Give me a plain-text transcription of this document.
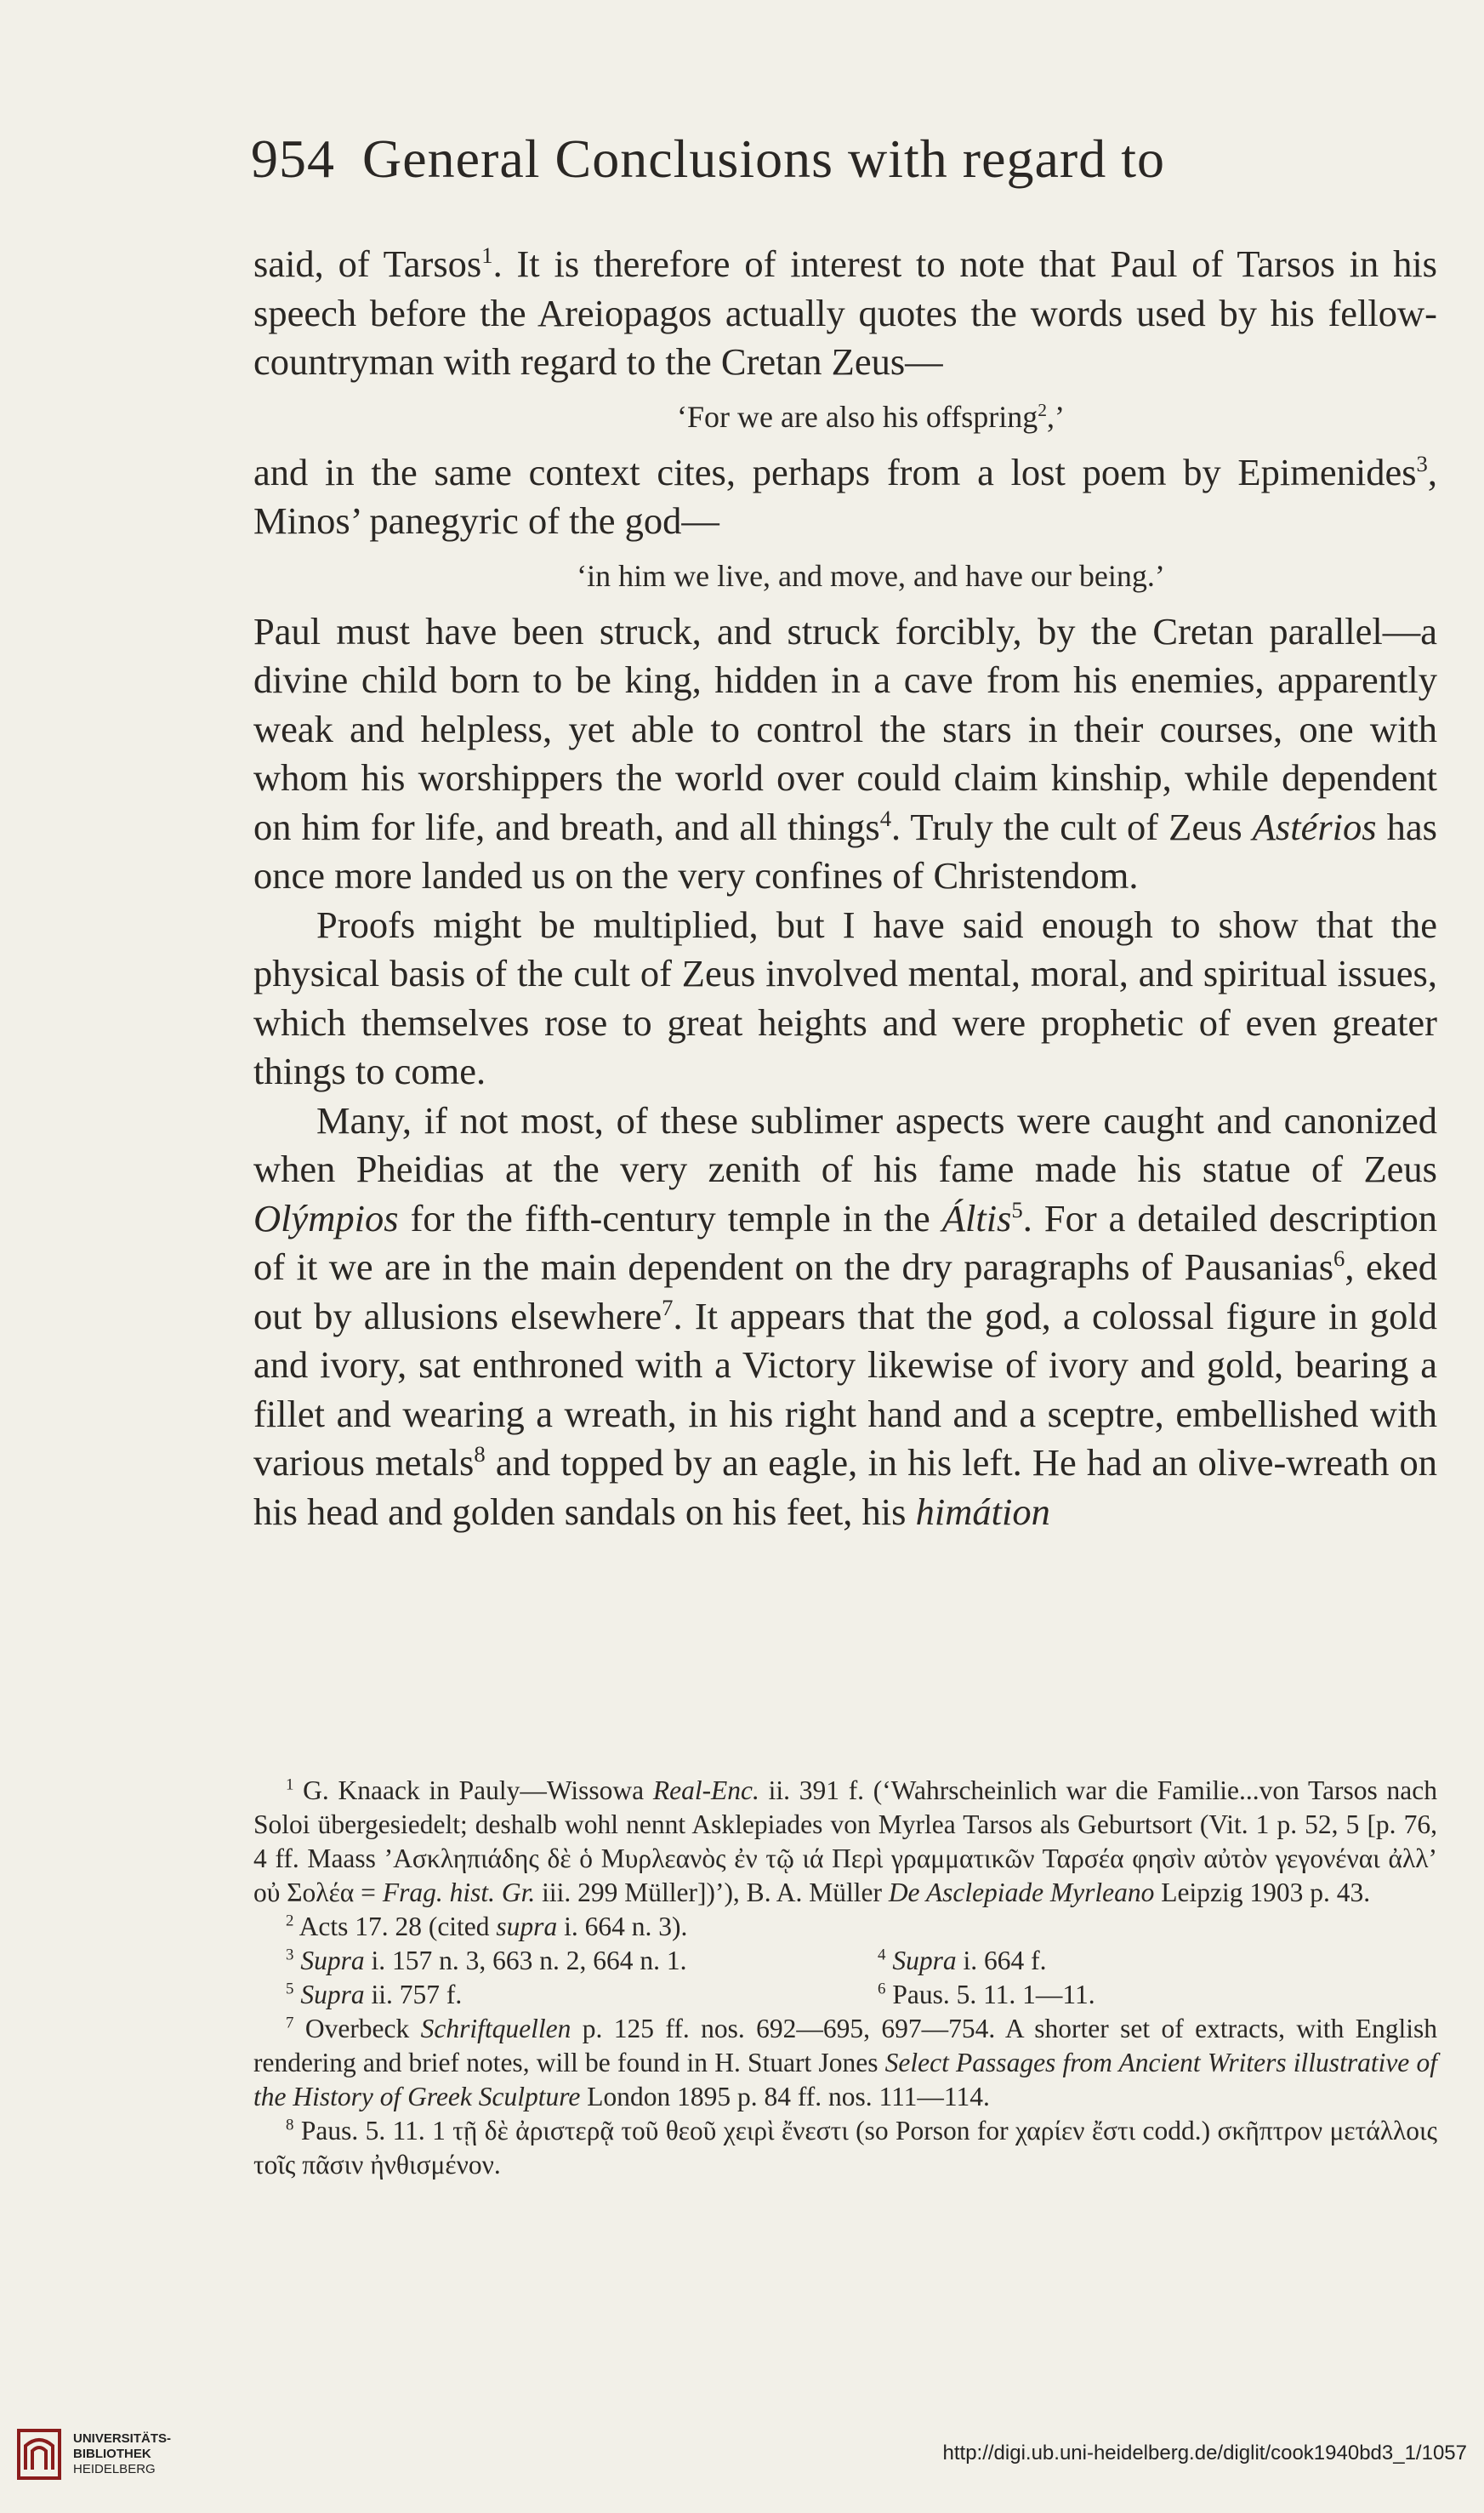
954 General Conclusions with regard to

said, of Tarsos$^1$. It is therefore of interest to note that Paul of Tarsos in his speech before the Areiopagos actually quotes the words used by his fellow-countryman with regard to the Cretan Zeus—

‘For we are also his offspring$^2$,’

and in the same context cites, perhaps from a lost poem by Epimenides$^3$, Minos’ panegyric of the god—

‘in him we live, and move, and have our being.’

Paul must have been struck, and struck forcibly, by the Cretan parallel—a divine child born to be king, hidden in a cave from his enemies, apparently weak and helpless, yet able to control the stars in their courses, one with whom his worshippers the world over could claim kinship, while dependent on him for life, and breath, and all things$^4$. Truly the cult of Zeus Astérios has once more landed us on the very confines of Christendom.

Proofs might be multiplied, but I have said enough to show that the physical basis of the cult of Zeus involved mental, moral, and spiritual issues, which themselves rose to great heights and were prophetic of even greater things to come.

Many, if not most, of these sublimer aspects were caught and canonized when Pheidias at the very zenith of his fame made his statue of Zeus Olýmpios for the fifth-century temple in the Áltis$^5$. For a detailed description of it we are in the main dependent on the dry paragraphs of Pausanias$^6$, eked out by allusions elsewhere$^7$. It appears that the god, a colossal figure in gold and ivory, sat enthroned with a Victory likewise of ivory and gold, bearing a fillet and wearing a wreath, in his right hand and a sceptre, embellished with various metals$^8$ and topped by an eagle, in his left. He had an olive-wreath on his head and golden sandals on his feet, his himátion

$^1$ G. Knaack in Pauly—Wissowa Real-Enc. ii. 391 f. (‘Wahrscheinlich war die Familie...von Tarsos nach Soloi übergesiedelt; deshalb wohl nennt Asklepiades von Myrlea Tarsos als Geburtsort (Vit. 1 p. 52, 5 [p. 76, 4 ff. Maass ’Ασκληπιάδης δὲ ὁ Μυρλεανὸς ἐν τῷ ιά Περὶ γραμματικῶν Ταρσέα φησὶν αὐτὸν γεγονέναι ἀλλ’ οὐ Σολέα = Frag. hist. Gr. iii. 299 Müller])’), B. A. Müller De Asclepiade Myrleano Leipzig 1903 p. 43.

$^2$ Acts 17. 28 (cited supra i. 664 n. 3).

$^3$ Supra i. 157 n. 3, 663 n. 2, 664 n. 1.	$^4$ Supra i. 664 f.
$^5$ Supra ii. 757 f.	$^6$ Paus. 5. 11. 1—11.

$^7$ Overbeck Schriftquellen p. 125 ff. nos. 692—695, 697—754. A shorter set of extracts, with English rendering and brief notes, will be found in H. Stuart Jones Select Passages from Ancient Writers illustrative of the History of Greek Sculpture London 1895 p. 84 ff. nos. 111—114.

$^8$ Paus. 5. 11. 1 τῇ δὲ ἀριστερᾷ τοῦ θεοῦ χειρὶ ἔνεστι (so Porson for χαρίεν ἔστι codd.) σκῆπτρον μετάλλοις τοῖς πᾶσιν ἠνθισμένον.

UNIVERSITÄTS-
BIBLIOTHEK
HEIDELBERG
http://digi.ub.uni-heidelberg.de/diglit/cook1940bd3_1/1057
